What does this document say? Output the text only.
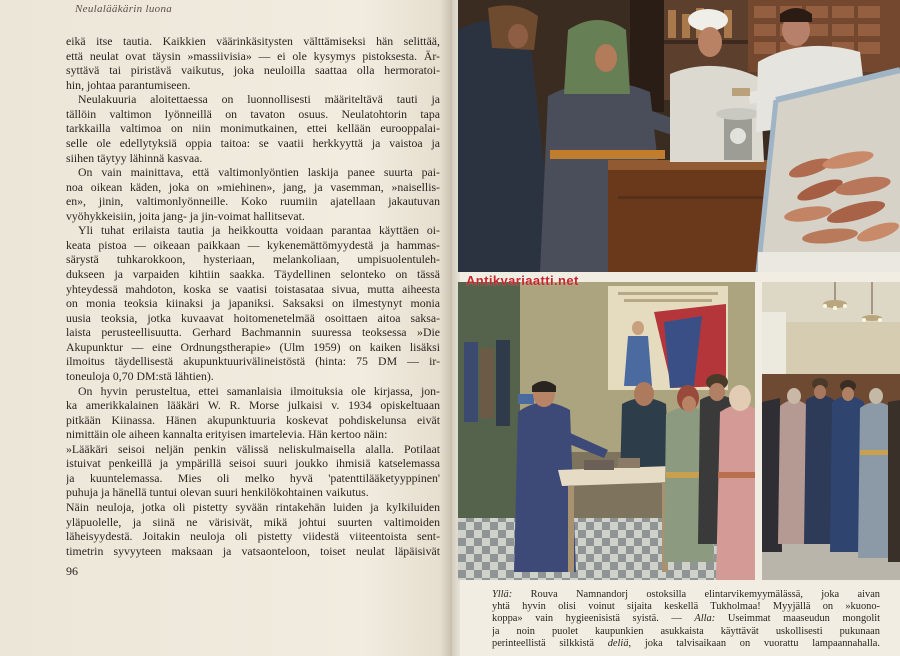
Neulalääkärin luona
eikä itse tautia. Kaikkien väärinkäsitysten välttämiseksi hän selittää,
että neulat ovat täysin »massiivisia» — ei ole kysymys pistoksesta. Är-
syttävä tai piristävä vaikutus, joka neuloilla saattaa olla hermoratoi-
hin, johtaa parantumiseen.
Neulakuuria aloitettaessa on luonnollisesti määriteltävä tauti ja
tällöin valtimon lyönneillä on tavaton osuus. Neulatohtorin tapa
tarkkailla valtimoa on niin monimutkainen, ettei kellään eurooppalai-
selle ole edellytyksiä oppia taitoa: se vaatii herkkyyttä ja vaistoa ja
siihen täytyy lähinnä kasvaa.
On vain mainittava, että valtimonlyöntien laskija panee suurta pai-
noa oikean käden, joka on »miehinen», jang, ja vasemman, »naisellis-
en», jinin, valtimonlyönneille. Koko ruumiin ajatellaan jakautuvan
vyöhykkeisiin, joita jang- ja jin-voimat hallitsevat.
Yli tuhat erilaista tautia ja heikkoutta voidaan parantaa käyttäen oi-
keata pistoa — oikeaan paikkaan — kykenemättömyydestä ja hammas-
särystä tuhkarokkoon, hysteriaan, melankoliaan, umpisuolentuleh-
dukseen ja varpaiden kihtiin saakka. Täydellinen selonteko on tässä
yhteydessä mahdoton, koska se vaatisi toistasataa sivua, mutta aiheesta
on monia teoksia kiinaksi ja japaniksi. Saksaksi on ilmestynyt monia
uusia teoksia, jotka kuvaavat hoitomenetelmää osoittaen aitoa saksa-
laista perusteellisuutta. Gerhard Bachmannin suuressa teoksessa »Die
Akupunktur — eine Ordnungstherapie» (Ulm 1959) on kaiken lisäksi
ilmoitus täydellisestä akupunktuurivälineistöstä (hinta: 75 DM — ir-
toneuloja 0,70 DM:stä lähtien).
On hyvin perusteltua, ettei samanlaisia ilmoituksia ole kirjassa, jon-
ka amerikkalainen lääkäri W. R. Morse julkaisi v. 1934 opiskeltuaan
pitkään Kiinassa. Hänen akupunktuuria koskevat pohdiskelunsa eivät
nimittäin ole aiheen kannalta erityisen imartelevia. Hän kertoo näin:
»Lääkäri seisoi neljän penkin välissä neliskulmaisella alalla. Potilaat
istuivat penkeillä ja ympärillä seisoi suuri joukko ihmisiä katselemassa
ja kuuntelemassa. Mies oli melko hyvä 'patenttilääketyyppinen'
puhuja ja hänellä tuntui olevan suuri henkilökohtainen vaikutus.
Näin neuloja, jotka oli pistetty syvään rintakehän luiden ja kylkiluiden
yläpuolelle, ja siinä ne värisivät, mikä johtui suurten valtimoiden
läheisyydestä. Joitakin neuloja oli pistetty viidestä viiteentoista sent-
timetrin syvyyteen maksaan ja vatsaonteloon, toiset neulat läpäisivät
96
Antikvariaatti.net
Yllä: Rouva Namnandorj ostoksilla elintarvikemyymälässä, joka aivan
yhtä hyvin olisi voinut sijaita keskellä Tukholmaa! Myyjällä on »kuono-
koppa» vain hygieenisistä syistä. — Alla: Useimmat maaseudun mongolit
ja noin puolet kaupunkien asukkaista käyttävät uskollisesti pukunaan
perinteellistä silkkistä deliä, joka talvisaikaan on vuorattu lampaannahalla.
